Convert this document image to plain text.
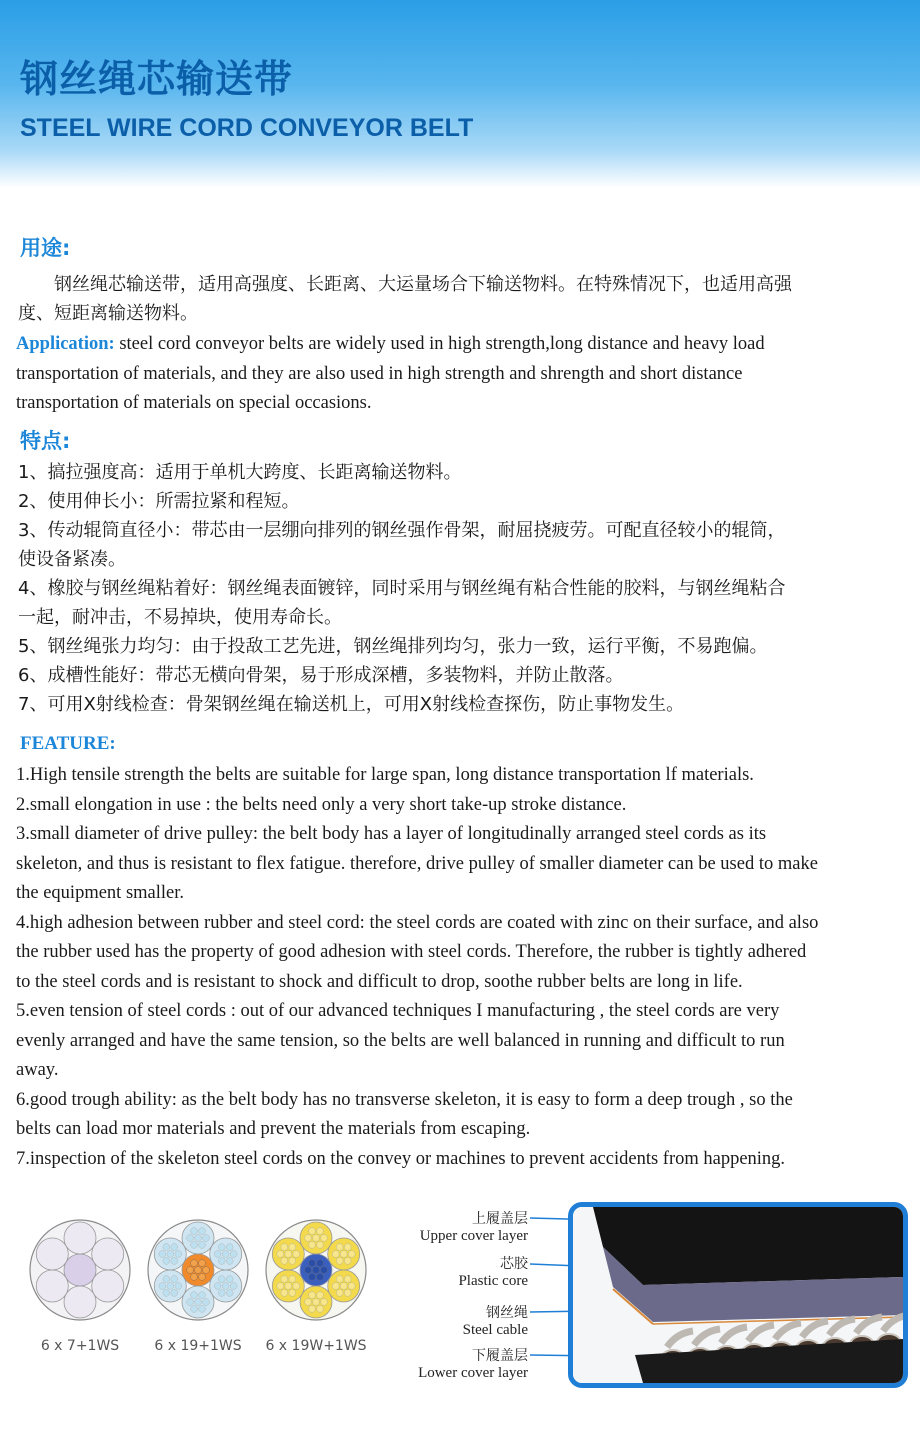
钢丝绳芯输送带
STEEL WIRE CORD CONVEYOR BELT
用途:
　　钢丝绳芯输送带，适用高强度、长距离、大运量场合下输送物料。在特殊情况下，也适用高强
度、短距离输送物料。
Application: steel cord conveyor belts are widely used in high strength,long distance and heavy load
transportation of materials, and they are also used in high strength and shrength and short distance
transportation of materials on special occasions.
特点:
1、搞拉强度高：适用于单机大跨度、长距离输送物料。
2、使用伸长小：所需拉紧和程短。
3、传动辊筒直径小：带芯由一层绷向排列的钢丝强作骨架，耐屈挠疲劳。可配直径较小的辊筒，
使设备紧凑。
4、橡胶与钢丝绳粘着好：钢丝绳表面镀锌，同时采用与钢丝绳有粘合性能的胶料，与钢丝绳粘合
一起，耐冲击，不易掉块，使用寿命长。
5、钢丝绳张力均匀：由于投敌工艺先进，钢丝绳排列均匀，张力一致，运行平衡，不易跑偏。
6、成槽性能好：带芯无横向骨架，易于形成深槽，多装物料，并防止散落。
7、可用X射线检查：骨架钢丝绳在输送机上，可用X射线检查探伤，防止事物发生。
FEATURE:
1.High tensile strength the belts are suitable for large span, long distance transportation lf materials.
2.small elongation in use : the belts need only a very short take-up stroke distance.
3.small diameter of drive pulley: the belt body has a layer of longitudinally arranged steel cords as its
skeleton, and thus is resistant to flex fatigue. therefore, drive pulley of smaller diameter can be used to make
the equipment smaller.
4.high adhesion between rubber and steel cord: the steel cords are coated with zinc on their surface, and also
the rubber used has the property of good adhesion with steel cords. Therefore, the rubber is tightly adhered
to the steel cords and is resistant to shock and difficult to drop, soothe rubber belts are long in life.
5.even tension of steel cords : out of our advanced techniques I manufacturing , the steel cords are very
evenly arranged and have the same tension, so the belts are well balanced in running and difficult to run
away.
6.good trough ability: as the belt body has no transverse skeleton, it is easy to form a deep trough , so the
belts can load mor materials and prevent the materials from escaping.
7.inspection of the skeleton steel cords on the convey or machines to prevent accidents from happening.
6 x 7+1WS	6 x 19+1WS	6 x 19W+1WS
上履盖层
Upper cover layer
芯胶
Plastic core
钢丝绳
Steel cable
下履盖层
Lower cover layer
